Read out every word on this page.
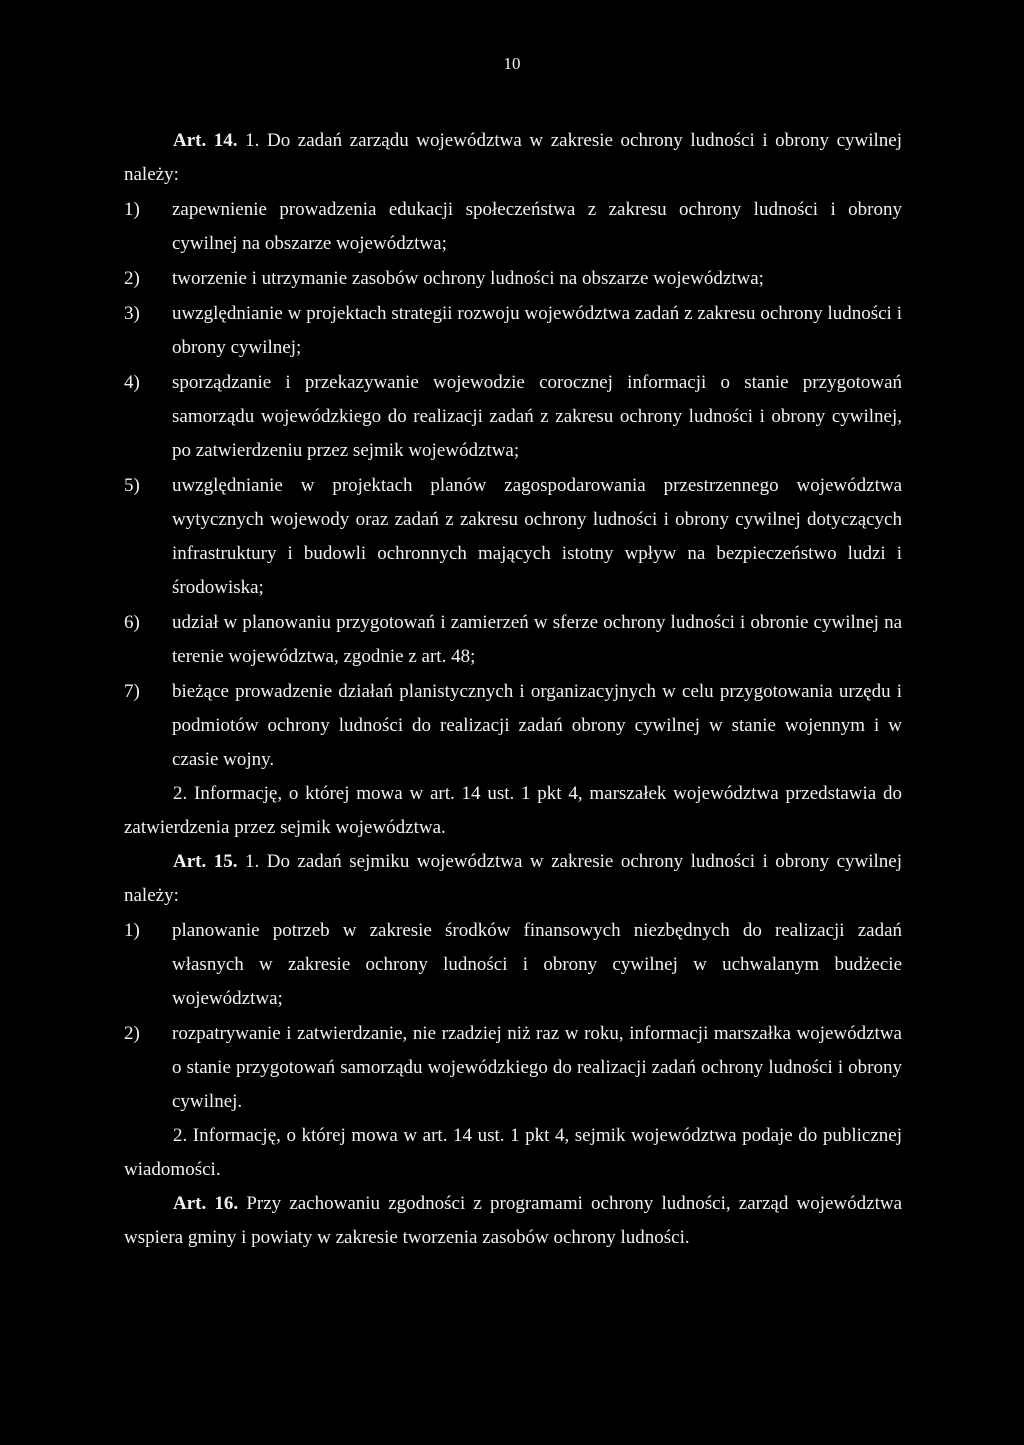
10

Art. 14. 1. Do zadań zarządu województwa w zakresie ochrony ludności i obrony cywilnej należy:

1)	zapewnienie prowadzenia edukacji społeczeństwa z zakresu ochrony ludności i obrony cywilnej na obszarze województwa;
2)	tworzenie i utrzymanie zasobów ochrony ludności na obszarze województwa;
3)	uwzględnianie w projektach strategii rozwoju województwa zadań z zakresu ochrony ludności i obrony cywilnej;
4)	sporządzanie i przekazywanie wojewodzie corocznej informacji o stanie przygotowań samorządu wojewódzkiego do realizacji zadań z zakresu ochrony ludności i obrony cywilnej, po zatwierdzeniu przez sejmik województwa;
5)	uwzględnianie w projektach planów zagospodarowania przestrzennego województwa wytycznych wojewody oraz zadań z zakresu ochrony ludności i obrony cywilnej dotyczących infrastruktury i budowli ochronnych mających istotny wpływ na bezpieczeństwo ludzi i środowiska;
6)	udział w planowaniu przygotowań i zamierzeń w sferze ochrony ludności i obronie cywilnej na terenie województwa, zgodnie z art. 48;
7)	bieżące prowadzenie działań planistycznych i organizacyjnych w celu przygotowania urzędu i podmiotów ochrony ludności do realizacji zadań obrony cywilnej w stanie wojennym i w czasie wojny.

2. Informację, o której mowa w art. 14 ust. 1 pkt 4, marszałek województwa przedstawia do zatwierdzenia przez sejmik województwa.

Art. 15. 1. Do zadań sejmiku województwa w zakresie ochrony ludności i obrony cywilnej należy:

1)	planowanie potrzeb w zakresie środków finansowych niezbędnych do realizacji zadań własnych w zakresie ochrony ludności i obrony cywilnej w uchwalanym budżecie województwa;
2)	rozpatrywanie i zatwierdzanie, nie rzadziej niż raz w roku, informacji marszałka województwa o stanie przygotowań samorządu wojewódzkiego do realizacji zadań ochrony ludności i obrony cywilnej.

2. Informację, o której mowa w art. 14 ust. 1 pkt 4, sejmik województwa podaje do publicznej wiadomości.

Art. 16. Przy zachowaniu zgodności z programami ochrony ludności, zarząd województwa wspiera gminy i powiaty w zakresie tworzenia zasobów ochrony ludności.
